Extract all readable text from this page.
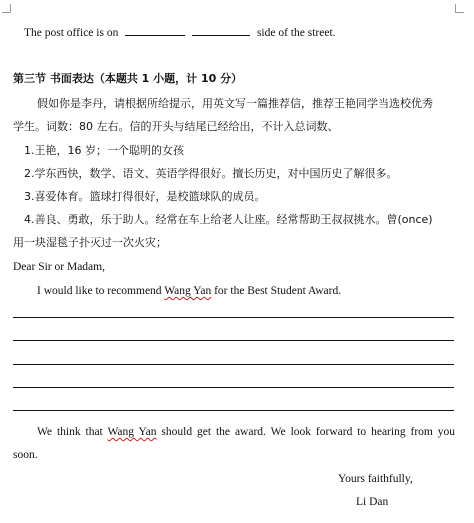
The post office is on	side of the street.
第三节 书面表达（本题共 1 小题，计 10 分）
假如你是李丹，请根据所给提示，用英文写一篇推荐信，推荐王艳同学当选校优秀
学生。词数：80 左右。信的开头与结尾已经给出，不计入总词数、
1.王艳，16 岁；一个聪明的女孩
2.学东西快，数学、语文、英语学得很好。擅长历史，对中国历史了解很多。
3.喜爱体育。篮球打得很好，是校篮球队的成员。
4.善良、勇敢，乐于助人。经常在车上给老人让座。经常帮助王叔叔挑水。曾(once)
用一块湿毯子扑灭过一次火灾；
Dear Sir or Madam,
I would like to recommend Wang Yan for the Best Student Award.
We think that Wang Yan should get the award. We look forward to hearing from you
soon.
Yours faithfully,
Li Dan
